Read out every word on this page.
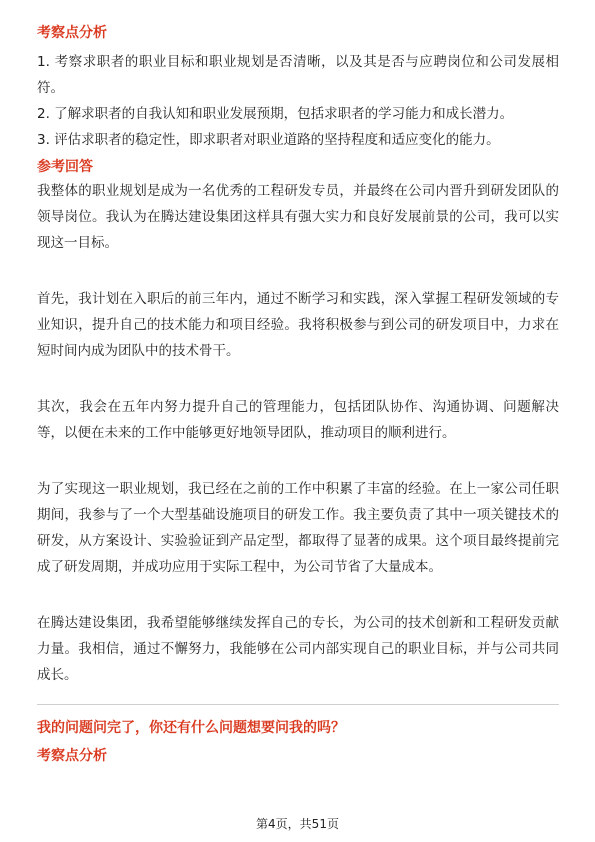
考察点分析

1. 考察求职者的职业目标和职业规划是否清晰，以及其是否与应聘岗位和公司发展相符。

2. 了解求职者的自我认知和职业发展预期，包括求职者的学习能力和成长潜力。

3. 评估求职者的稳定性，即求职者对职业道路的坚持程度和适应变化的能力。

参考回答

我整体的职业规划是成为一名优秀的工程研发专员，并最终在公司内晋升到研发团队的领导岗位。我认为在腾达建设集团这样具有强大实力和良好发展前景的公司，我可以实现这一目标。

首先，我计划在入职后的前三年内，通过不断学习和实践，深入掌握工程研发领域的专业知识，提升自己的技术能力和项目经验。我将积极参与到公司的研发项目中，力求在短时间内成为团队中的技术骨干。

其次，我会在五年内努力提升自己的管理能力，包括团队协作、沟通协调、问题解决等，以便在未来的工作中能够更好地领导团队，推动项目的顺利进行。

为了实现这一职业规划，我已经在之前的工作中积累了丰富的经验。在上一家公司任职期间，我参与了一个大型基础设施项目的研发工作。我主要负责了其中一项关键技术的研发，从方案设计、实验验证到产品定型，都取得了显著的成果。这个项目最终提前完成了研发周期，并成功应用于实际工程中，为公司节省了大量成本。

在腾达建设集团，我希望能够继续发挥自己的专长，为公司的技术创新和工程研发贡献力量。我相信，通过不懈努力，我能够在公司内部实现自己的职业目标，并与公司共同成长。

我的问题问完了，你还有什么问题想要问我的吗？

考察点分析

第4页，共51页
